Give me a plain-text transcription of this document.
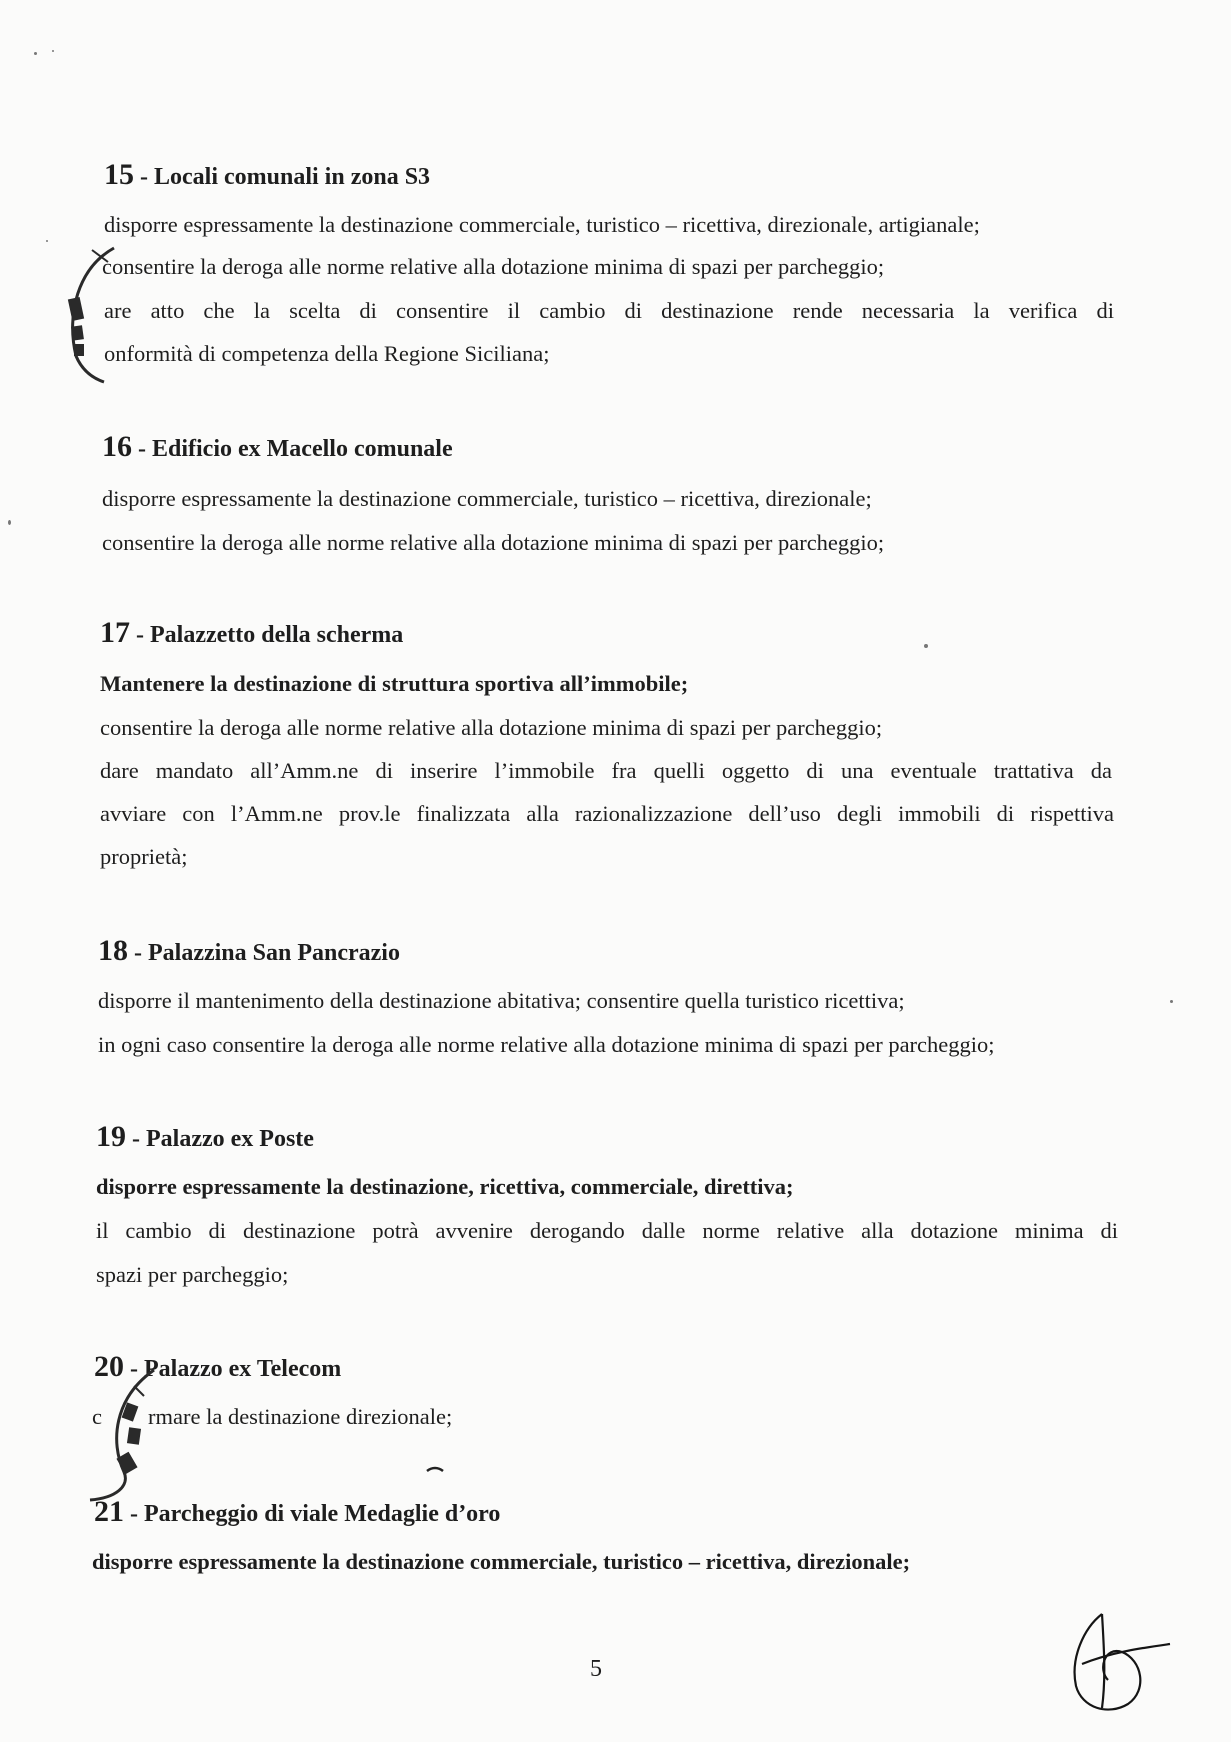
15 - Locali comunali in zona S3
disporre espressamente la destinazione commerciale, turistico – ricettiva, direzionale, artigianale;
consentire la deroga alle norme relative alla dotazione minima di spazi per parcheggio;
are atto che la scelta di consentire il cambio di destinazione rende necessaria la verifica di
onformità di competenza della Regione Siciliana;
16 - Edificio ex Macello comunale
disporre espressamente la destinazione commerciale, turistico – ricettiva, direzionale;
consentire la deroga alle norme relative alla dotazione minima di spazi per parcheggio;
17 - Palazzetto della scherma
Mantenere la destinazione di struttura sportiva all’immobile;
consentire la deroga alle norme relative alla dotazione minima di spazi per parcheggio;
dare mandato all’Amm.ne di inserire l’immobile fra quelli oggetto di una eventuale trattativa da
avviare con l’Amm.ne prov.le finalizzata alla razionalizzazione dell’uso degli immobili di rispettiva
proprietà;
18 - Palazzina San Pancrazio
disporre il mantenimento della destinazione abitativa; consentire quella turistico ricettiva;
in ogni caso consentire la deroga alle norme relative alla dotazione minima di spazi per parcheggio;
19 - Palazzo ex Poste
disporre espressamente la destinazione, ricettiva, commerciale, direttiva;
il cambio di destinazione potrà avvenire derogando dalle norme relative alla dotazione minima di
spazi per parcheggio;
20 - Palazzo ex Telecom
c rmare la destinazione direzionale;
21 - Parcheggio di viale Medaglie d’oro
disporre espressamente la destinazione commerciale, turistico – ricettiva, direzionale;
5
